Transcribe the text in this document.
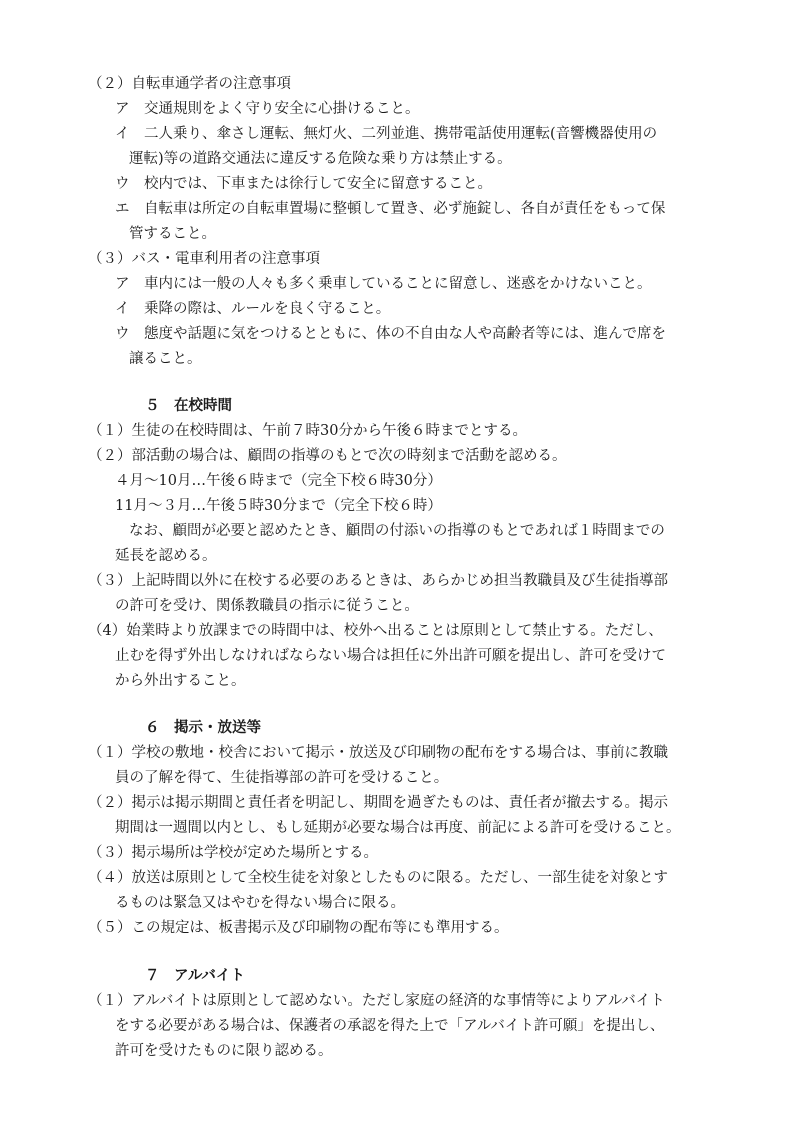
（２）自転車通学者の注意事項
ア　交通規則をよく守り安全に心掛けること。
イ　二人乗り、傘さし運転、無灯火、二列並進、携帯電話使用運転(音響機器使用の
運転)等の道路交通法に違反する危険な乗り方は禁止する。
ウ　校内では、下車または徐行して安全に留意すること。
エ　自転車は所定の自転車置場に整頓して置き、必ず施錠し、各自が責任をもって保
管すること。
（３）バス・電車利用者の注意事項
ア　車内には一般の人々も多く乗車していることに留意し、迷惑をかけないこと。
イ　乗降の際は、ルールを良く守ること。
ウ　態度や話題に気をつけるとともに、体の不自由な人や高齢者等には、進んで席を
譲ること。
５　在校時間
（１）生徒の在校時間は、午前７時30分から午後６時までとする。
（２）部活動の場合は、顧問の指導のもとで次の時刻まで活動を認める。
４月～10月…午後６時まで（完全下校６時30分）
11月～３月…午後５時30分まで（完全下校６時）
なお、顧問が必要と認めたとき、顧問の付添いの指導のもとであれば１時間までの
延長を認める。
（３）上記時間以外に在校する必要のあるときは、あらかじめ担当教職員及び生徒指導部
の許可を受け、関係教職員の指示に従うこと。
（4）始業時より放課までの時間中は、校外へ出ることは原則として禁止する。ただし、
止むを得ず外出しなければならない場合は担任に外出許可願を提出し、許可を受けて
から外出すること。
６　掲示・放送等
（１）学校の敷地・校舎において掲示・放送及び印刷物の配布をする場合は、事前に教職
員の了解を得て、生徒指導部の許可を受けること。
（２）掲示は掲示期間と責任者を明記し、期間を過ぎたものは、責任者が撤去する。掲示
期間は一週間以内とし、もし延期が必要な場合は再度、前記による許可を受けること。
（３）掲示場所は学校が定めた場所とする。
（４）放送は原則として全校生徒を対象としたものに限る。ただし、一部生徒を対象とす
るものは緊急又はやむを得ない場合に限る。
（５）この規定は、板書掲示及び印刷物の配布等にも準用する。
７　アルバイト
（１）アルバイトは原則として認めない。ただし家庭の経済的な事情等によりアルバイト
をする必要がある場合は、保護者の承認を得た上で「アルバイト許可願」を提出し、
許可を受けたものに限り認める。
